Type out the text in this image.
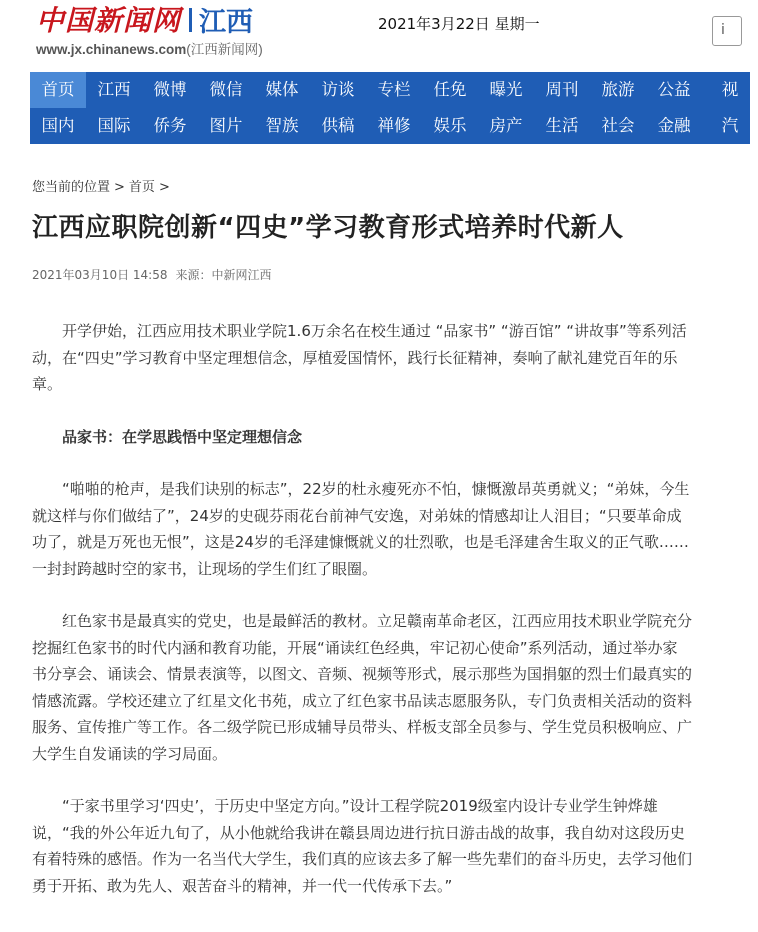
中国新闻网 江西
www.jx.chinanews.com(江西新闻网)
2021年3月22日 星期一	i
首页	江西	微博	微信	媒体	访谈	专栏	任免	曝光	周刊	旅游	公益	视
国内	国际	侨务	图片	智族	供稿	禅修	娱乐	房产	生活	社会	金融	汽
您当前的位置 > 首页 >
江西应职院创新“四史”学习教育形式培养时代新人
2021年03月10日 14:58 来源：中新网江西

开学伊始，江西应用技术职业学院1.6万余名在校生通过 “品家书” “游百馆” “讲故事”等系列活动，在“四史”学习教育中坚定理想信念，厚植爱国情怀，践行长征精神，奏响了献礼建党百年的乐章。

品家书：在学思践悟中坚定理想信念

“啪啪的枪声，是我们诀别的标志”，22岁的杜永瘦死亦不怕，慷慨激昂英勇就义；“弟妹，今生就这样与你们做结了”，24岁的史砚芬雨花台前神气安逸，对弟妹的情感却让人泪目；“只要革命成功了，就是万死也无恨”，这是24岁的毛泽建慷慨就义的壮烈歌，也是毛泽建舍生取义的正气歌……一封封跨越时空的家书，让现场的学生们红了眼圈。

红色家书是最真实的党史，也是最鲜活的教材。立足赣南革命老区，江西应用技术职业学院充分挖掘红色家书的时代内涵和教育功能，开展“诵读红色经典，牢记初心使命”系列活动，通过举办家书分享会、诵读会、情景表演等，以图文、音频、视频等形式，展示那些为国捐躯的烈士们最真实的情感流露。学校还建立了红星文化书苑，成立了红色家书品读志愿服务队，专门负责相关活动的资料服务、宣传推广等工作。各二级学院已形成辅导员带头、样板支部全员参与、学生党员积极响应、广大学生自发诵读的学习局面。

“于家书里学习‘四史’，于历史中坚定方向。”设计工程学院2019级室内设计专业学生钟烨雄说，“我的外公年近九旬了，从小他就给我讲在赣县周边进行抗日游击战的故事，我自幼对这段历史有着特殊的感悟。作为一名当代大学生，我们真的应该去多了解一些先辈们的奋斗历史，去学习他们勇于开拓、敢为先人、艰苦奋斗的精神，并一代一代传承下去。”
